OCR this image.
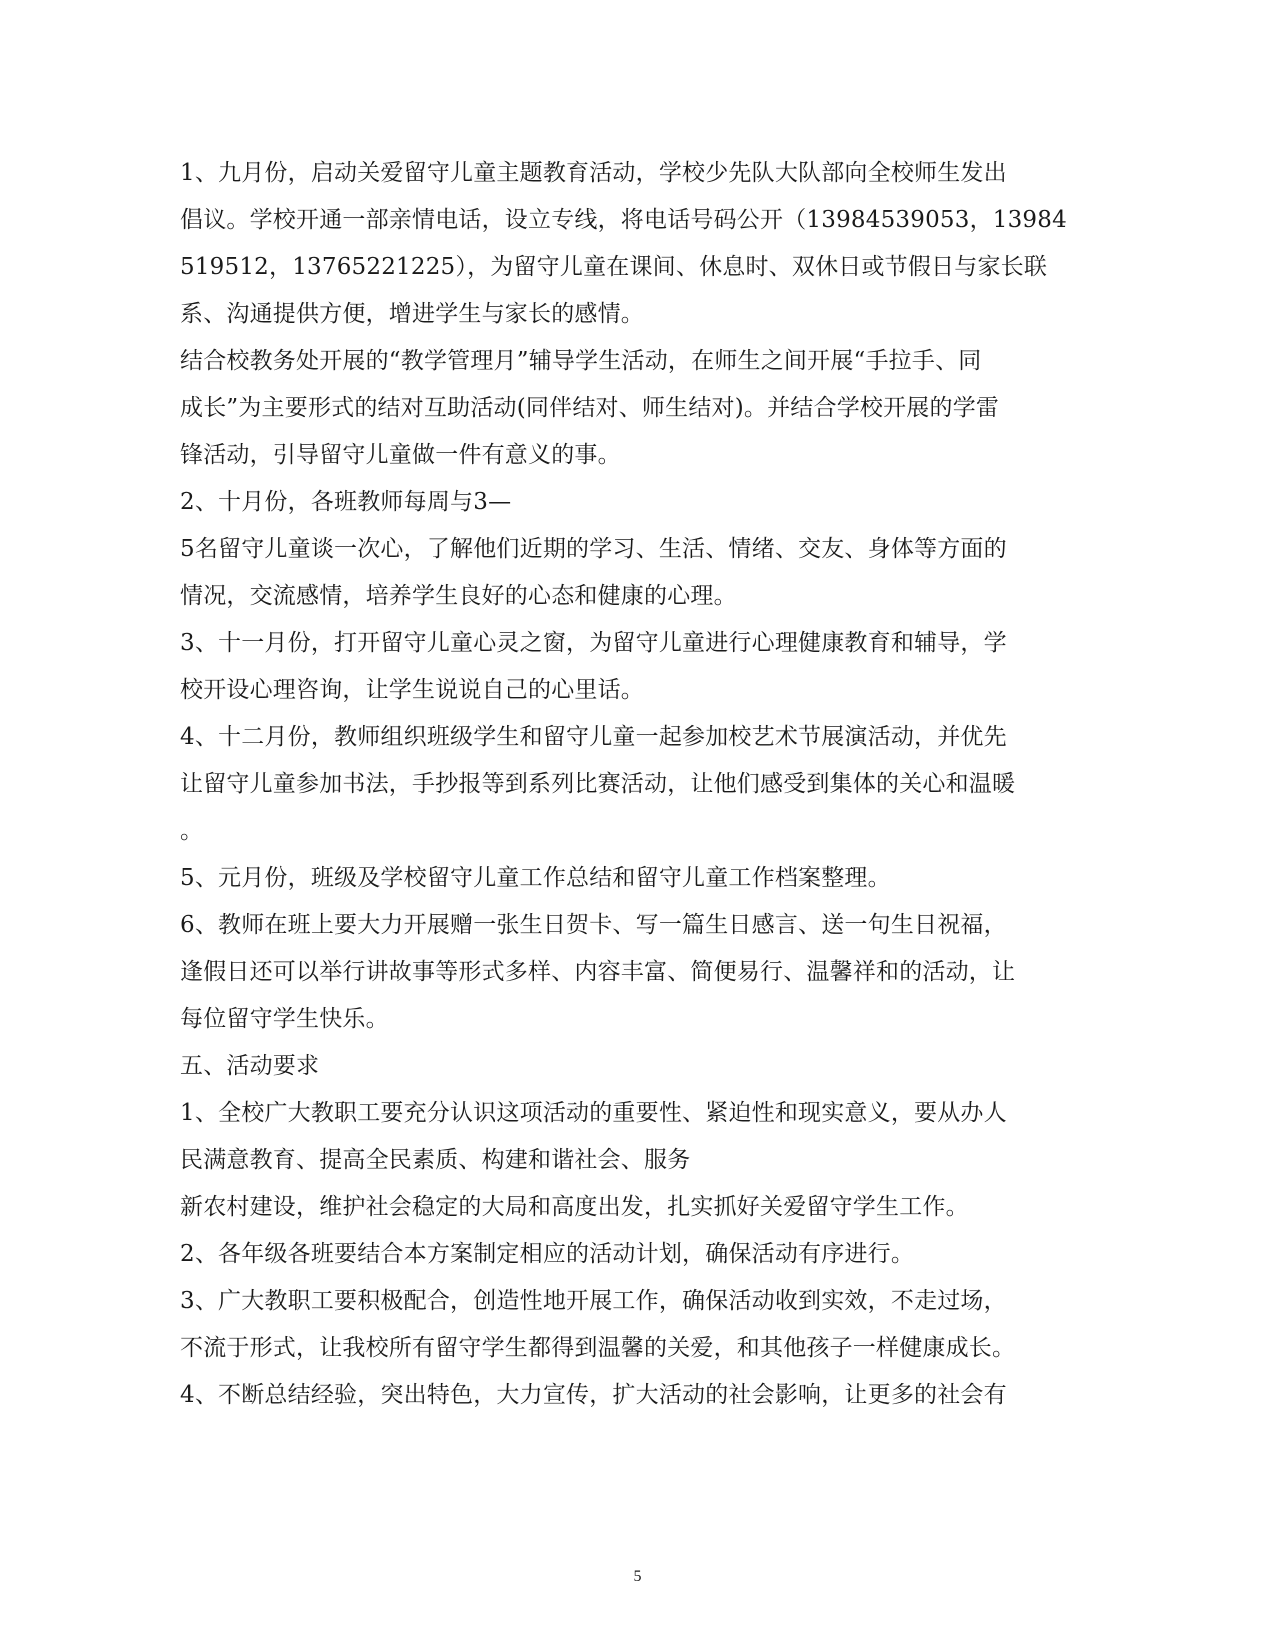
1、九月份，启动关爱留守儿童主题教育活动，学校少先队大队部向全校师生发出
倡议。学校开通一部亲情电话，设立专线，将电话号码公开（13984539053，13984
519512，13765221225），为留守儿童在课间、休息时、双休日或节假日与家长联
系、沟通提供方便，增进学生与家长的感情。
结合校教务处开展的“教学管理月”辅导学生活动，在师生之间开展“手拉手、同
成长”为主要形式的结对互助活动(同伴结对、师生结对)。并结合学校开展的学雷
锋活动，引导留守儿童做一件有意义的事。
2、十月份，各班教师每周与3—
5名留守儿童谈一次心，了解他们近期的学习、生活、情绪、交友、身体等方面的
情况，交流感情，培养学生良好的心态和健康的心理。
3、十一月份，打开留守儿童心灵之窗，为留守儿童进行心理健康教育和辅导，学
校开设心理咨询，让学生说说自己的心里话。
4、十二月份，教师组织班级学生和留守儿童一起参加校艺术节展演活动，并优先
让留守儿童参加书法，手抄报等到系列比赛活动，让他们感受到集体的关心和温暖
。
5、元月份，班级及学校留守儿童工作总结和留守儿童工作档案整理。
6、教师在班上要大力开展赠一张生日贺卡、写一篇生日感言、送一句生日祝福，
逢假日还可以举行讲故事等形式多样、内容丰富、简便易行、温馨祥和的活动，让
每位留守学生快乐。
五、活动要求
1、全校广大教职工要充分认识这项活动的重要性、紧迫性和现实意义，要从办人
民满意教育、提高全民素质、构建和谐社会、服务
新农村建设，维护社会稳定的大局和高度出发，扎实抓好关爱留守学生工作。
2、各年级各班要结合本方案制定相应的活动计划，确保活动有序进行。
3、广大教职工要积极配合，创造性地开展工作，确保活动收到实效，不走过场，
不流于形式，让我校所有留守学生都得到温馨的关爱，和其他孩子一样健康成长。
4、不断总结经验，突出特色，大力宣传，扩大活动的社会影响，让更多的社会有
5
